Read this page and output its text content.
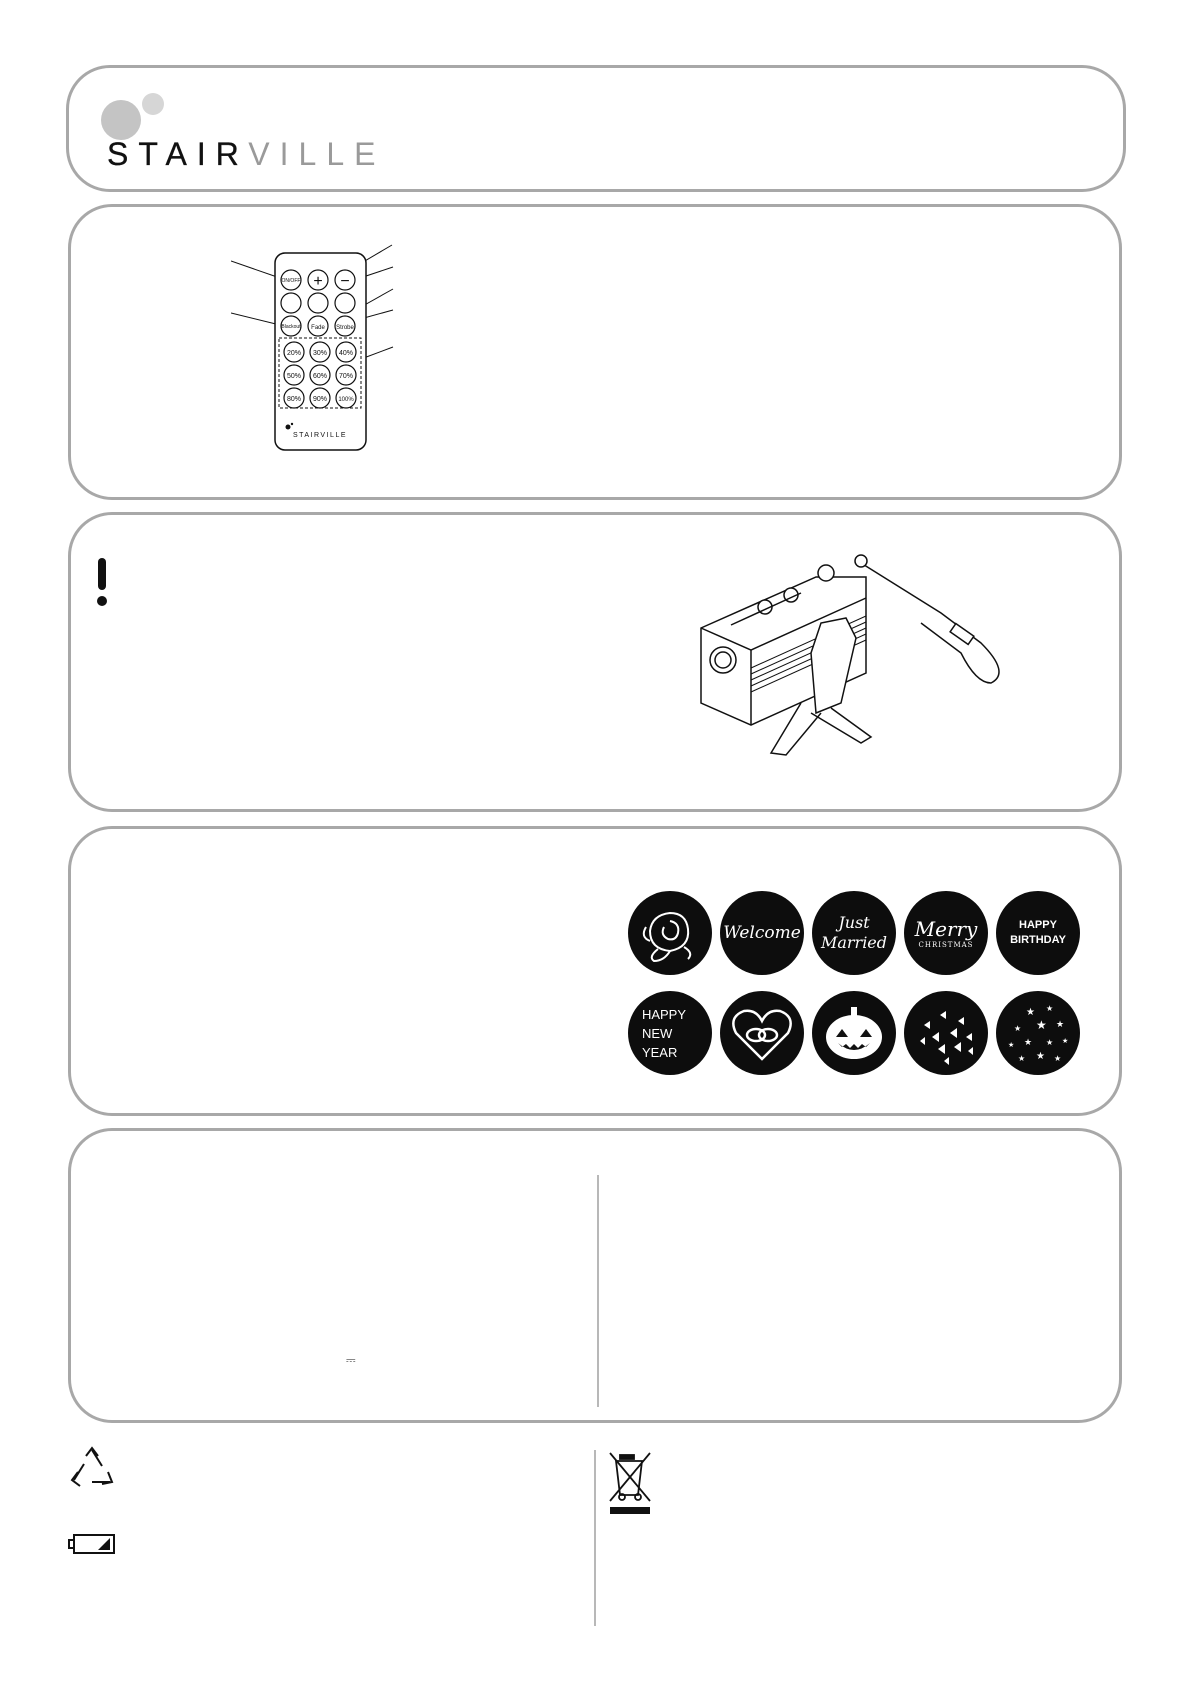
STAIRVILLE
ON/OFF + −
Blackout Fade Strobe
20% 30% 40%
50% 60% 70%
80% 90% 100%
STAIRVILLE
Welcome
Just
Married
Merry
CHRISTMAS
HAPPY
BIRTHDAY
HAPPY
NEW
YEAR
★ ★
★ ★ ★
★ ★ ★ ★
★ ★ ★
⎓
